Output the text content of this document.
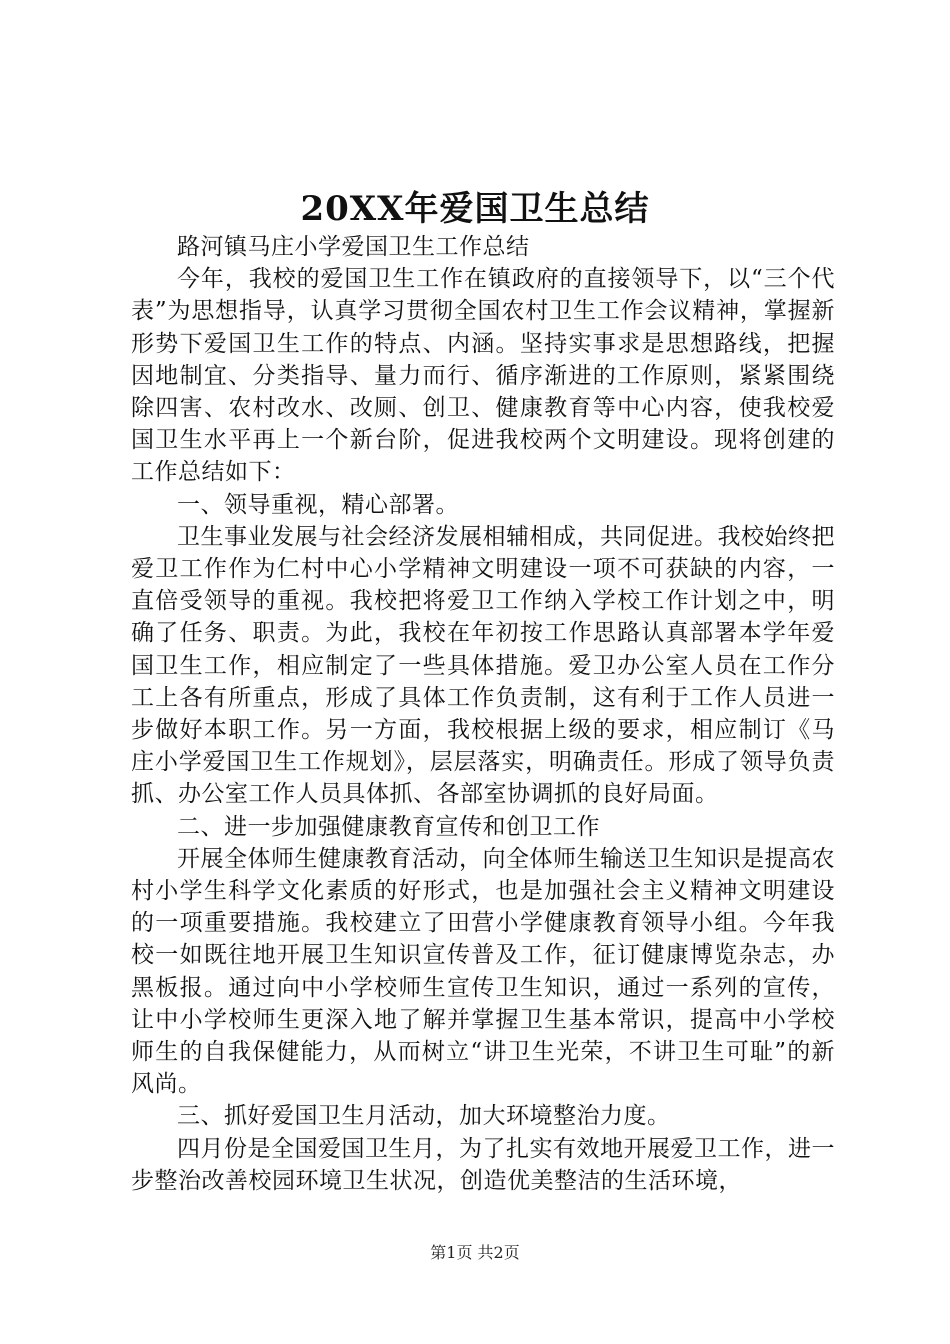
20XX年爱国卫生总结

路河镇马庄小学爱国卫生工作总结

今年，我校的爱国卫生工作在镇政府的直接领导下，以“三个代表”为思想指导，认真学习贯彻全国农村卫生工作会议精神，掌握新形势下爱国卫生工作的特点、内涵。坚持实事求是思想路线，把握因地制宜、分类指导、量力而行、循序渐进的工作原则，紧紧围绕除四害、农村改水、改厕、创卫、健康教育等中心内容，使我校爱国卫生水平再上一个新台阶，促进我校两个文明建设。现将创建的工作总结如下：

一、领导重视，精心部署。

卫生事业发展与社会经济发展相辅相成，共同促进。我校始终把爱卫工作作为仁村中心小学精神文明建设一项不可获缺的内容，一直倍受领导的重视。我校把将爱卫工作纳入学校工作计划之中，明确了任务、职责。为此，我校在年初按工作思路认真部署本学年爱国卫生工作，相应制定了一些具体措施。爱卫办公室人员在工作分工上各有所重点，形成了具体工作负责制，这有利于工作人员进一步做好本职工作。另一方面，我校根据上级的要求，相应制订《马庄小学爱国卫生工作规划》，层层落实，明确责任。形成了领导负责抓、办公室工作人员具体抓、各部室协调抓的良好局面。

二、进一步加强健康教育宣传和创卫工作

开展全体师生健康教育活动，向全体师生输送卫生知识是提高农村小学生科学文化素质的好形式，也是加强社会主义精神文明建设的一项重要措施。我校建立了田营小学健康教育领导小组。今年我校一如既往地开展卫生知识宣传普及工作，征订健康博览杂志，办黑板报。通过向中小学校师生宣传卫生知识，通过一系列的宣传，让中小学校师生更深入地了解并掌握卫生基本常识，提高中小学校师生的自我保健能力，从而树立“讲卫生光荣，不讲卫生可耻”的新风尚。

三、抓好爱国卫生月活动，加大环境整治力度。

四月份是全国爱国卫生月，为了扎实有效地开展爱卫工作，进一步整治改善校园环境卫生状况，创造优美整洁的生活环境，

第1页 共2页
